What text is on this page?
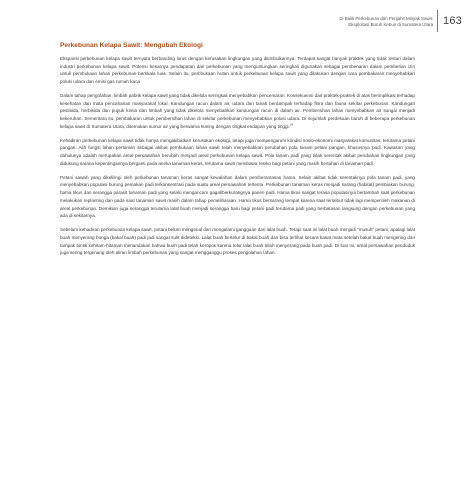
Di Balik Perkebunan dan Penjahit Minyak Sawit:
Eksploitasi Buruh Kebun di Sumatera Utara 163
Perkebunan Kelapa Sawit: Mengubah Ekologi

Ekspansi perkebunan kelapa sawit ternyata berbanding lurus dengan kerusakan lingkungan yang ditimbulkannya. Terdapat sangat banyak praktek yang tidak lestari dalam industri perkebunan kelapa sawit. Potensi besarnya pendapatan dari perkebunan yang menguntungkan seringkali digunakan sebagai pembenaran dalam pemberian izin untuk pembukaan lahan perkebunan berskala luas. Selain itu, pembukaan hutan untuk perkebunan kelapa sawit yang dilakukan dengan cara pembakaran menyebabkan polusi udara dan emisi gas rumah kaca

Dalam tahap pengolahan, limbah pabrik kelapa sawit yang tidak dikelola seringkali menyebabkan pencemaran. Konsekuensi dari praktek-praktek di atas berimplikasi terhadap kesehatan dan mata pencaharian masyarakat lokal. Kandungan racun dalam air, udara dan tanah berdampak terhadap flora dan fauna sekitar perkebunan. Kandungan pestisida, herbisida dan pupuk kimia dan limbah yang tidak dikelola menyebabkan kandungan racun di dalam air. Pembersihan lahan menyebabkan air sungai menjadi kekeruhan. Sementara itu, pembakaran untuk pembersihan lahan di sekitar perkebunan menyebabkan polusi udara. Di sejumlah perdesaan buruh di beberapa perkebunan kelapa sawit di Sumatera Utara, ditemukan sumur air yang berwarna kuning dengan tingkat endapan yang tinggi.$^{24}$

Kehadiran perkebunan kelapa sawit tidak hanya mengakibatkan kerusakan ekologi, tetapi juga mempengaruhi kondisi sosio-ekonomi masyarakat komunitas, terutama petani pangan. Alih fungsi lahan pertanian sebagai akibat pembukaan lahan sawit telah menyebabkan perubahan pola tanam petani pangan, khususnya padi. Kawasan yang dahulunya adalah merupakan areal persawahan berubah menjadi areal perkebunan kelapa sawit. Pola tanam padi yang tidak serentak akibat perubahan lingkungan yang didukung sarana kepentingannya berganti pada aneka tanaman keras, terutama sawit membawa resiko bagi petani yang masih bertahan di tanaman padi.

Petani sawah yang dikelilingi oleh perkebunan tanaman keras sangat kewalahan dalam pemberantasan hama. Selain akibat tidak serentaknya pola tanam padi, yang menyebabkan populasi burung pemakan padi terkonsentrasi pada suatu areal persawahan tertentu. Perkebunan tanaman keras menjadi sarang (habitat) pembiakan burung, hama tikus dan serangga parasit tanaman padi yang selalu mengancam gagal/berkurangnya panen padi. Hama tikus sangat terasa populasinya bertambah saat perkebunan melakukan replanting dan pada saat tanaman sawit masih dalam tahap pemeliharaan. Hama tikus bersarang tempat karena saat tersebut tidak lagi memperoleh makanan di areal perkebunan. Demikian juga serangga terutama lalat buah menjadi serangga baru bagi petani padi terutama padi yang berbatasan langsung dengan perkebunan yang ada di sekitarnya.

Sebelum kehadiran perkebunan kelapa sawit, petani belum mengenal dan mengalami gangguan dari lalat buah. Tetapi saat ini lalat buah menjadi "musuh" petani, apalagi lalat buah menyerang bunga (bakal buah) padi jadi sangat sulit dideteksi. Lalat buah bertelur di bakal buah dan bisa terlihat secara kasat mata setelah bakal buah mengering dan tampak bintik kehitam-hitaman menandakan bahwa buah padi telah keropos karena telur lalat buah telah menyerang pada buah padi. Di luar ini, areal persawahan penduduk juga sering tergenang oleh aliran limbah perkebunan yang sangat mengganggu proses pengolahan lahan.
